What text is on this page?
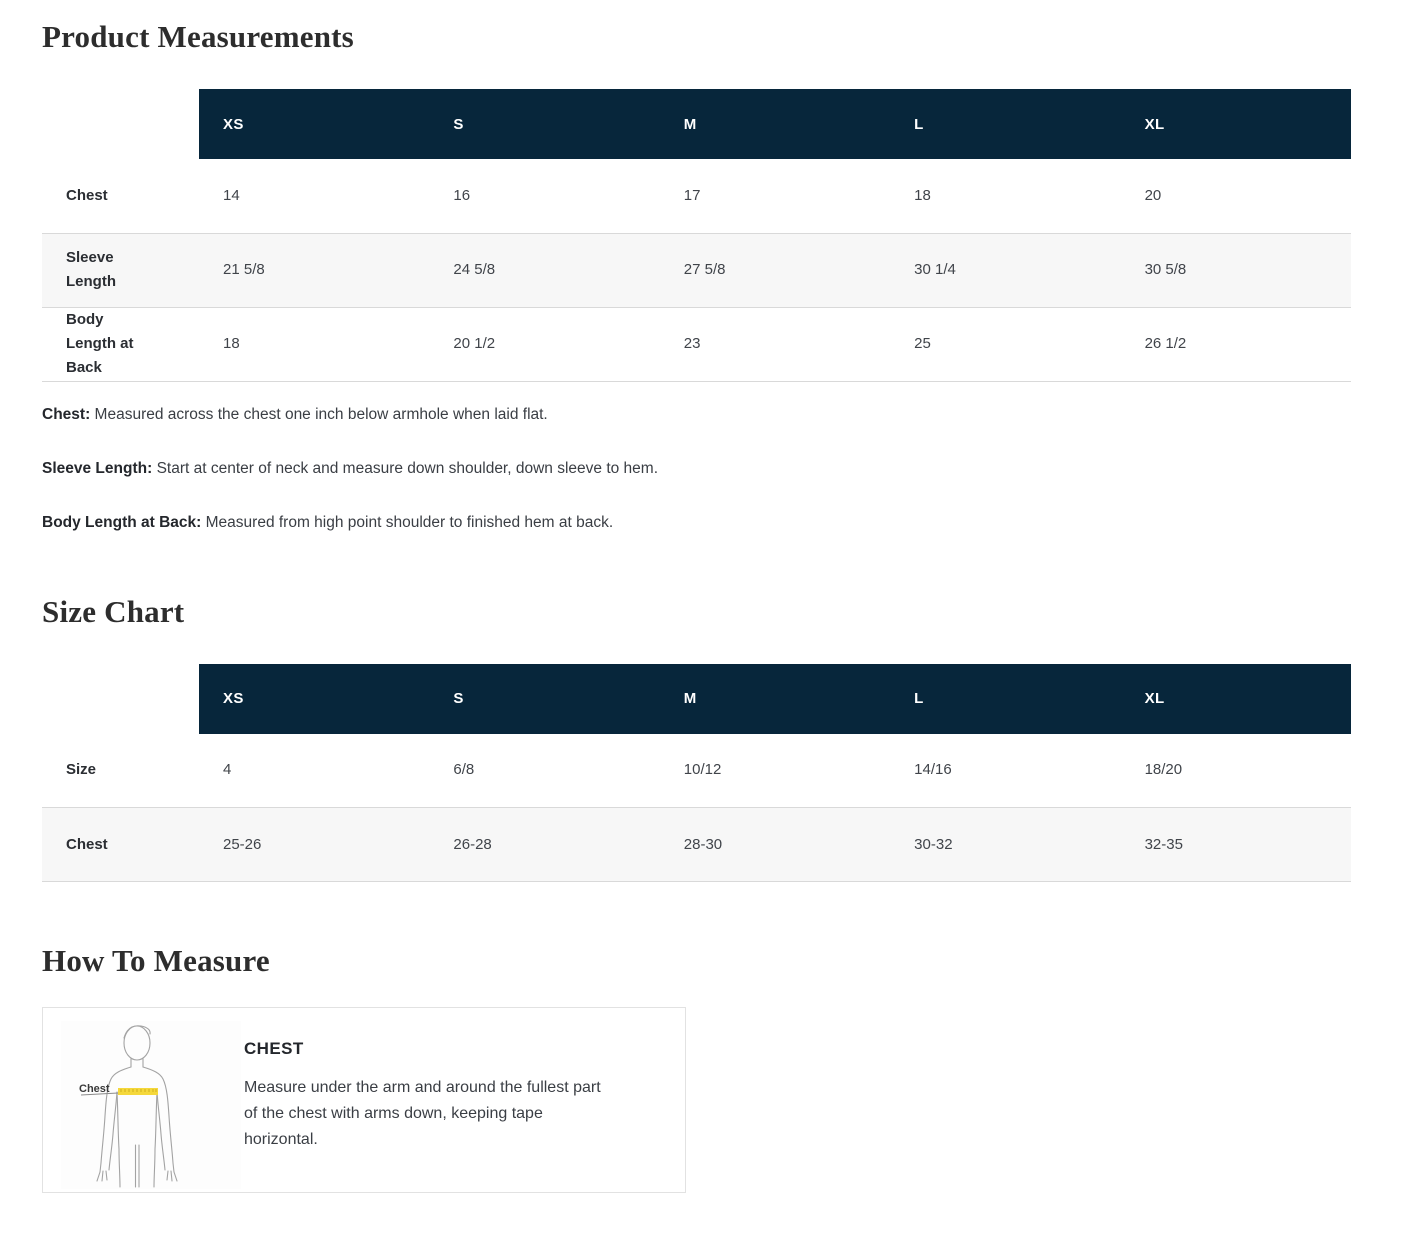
Product Measurements
	XS	S	M	L	XL
Chest	14	16	17	18	20
Sleeve Length	21 5/8	24 5/8	27 5/8	30 1/4	30 5/8
Body Length at Back	18	20 1/2	23	25	26 1/2

Chest: Measured across the chest one inch below armhole when laid flat.

Sleeve Length: Start at center of neck and measure down shoulder, down sleeve to hem.

Body Length at Back: Measured from high point shoulder to finished hem at back.

Size Chart
	XS	S	M	L	XL
Size	4	6/8	10/12	14/16	18/20
Chest	25-26	26-28	28-30	30-32	32-35
How To Measure
Chest

CHEST

Measure under the arm and around the fullest part of the chest with arms down, keeping tape horizontal.
